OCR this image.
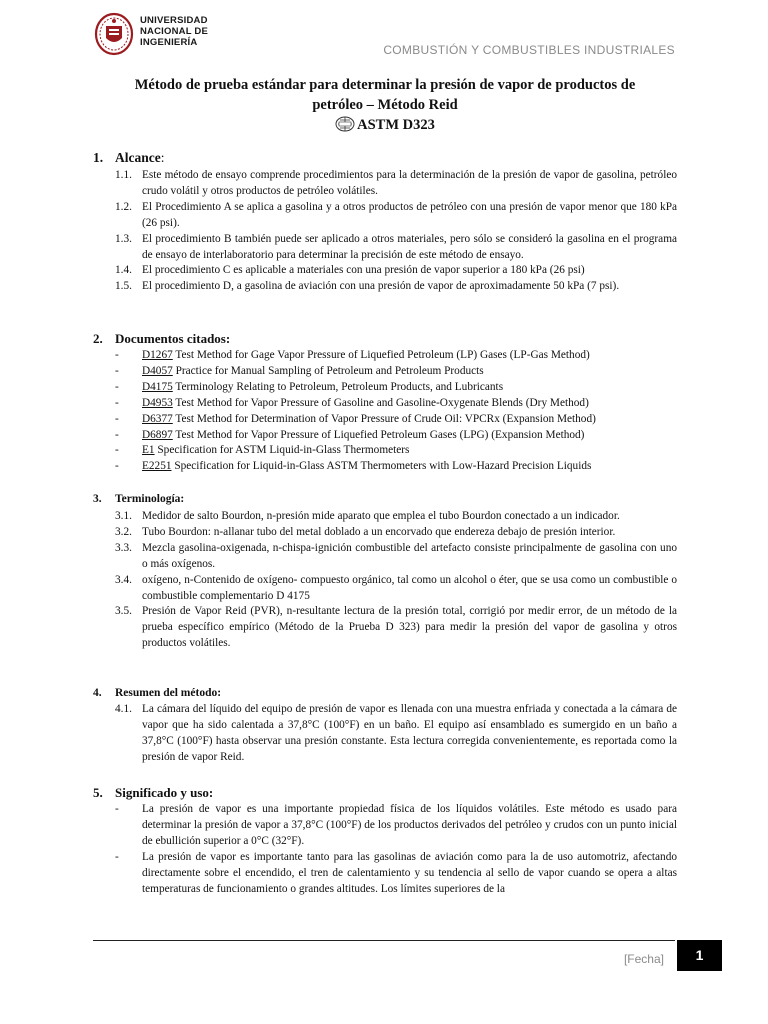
UNIVERSIDAD
NACIONAL DE
INGENIERÍA
COMBUSTIÓN Y COMBUSTIBLES INDUSTRIALES
Método de prueba estándar para determinar la presión de vapor de productos de
petróleo – Método Reid
ASTM D323
1. Alcance:
1.1. Este método de ensayo comprende procedimientos para la determinación de la presión de vapor de gasolina, petróleo crudo volátil y otros productos de petróleo volátiles.
1.2. El Procedimiento A se aplica a gasolina y a otros productos de petróleo con una presión de vapor menor que 180 kPa (26 psi).
1.3. El procedimiento B también puede ser aplicado a otros materiales, pero sólo se consideró la gasolina en el programa de ensayo de interlaboratorio para determinar la precisión de este método de ensayo.
1.4. El procedimiento C es aplicable a materiales con una presión de vapor superior a 180 kPa (26 psi)
1.5. El procedimiento D, a gasolina de aviación con una presión de vapor de aproximadamente 50 kPa (7 psi).
2. Documentos citados:
- D1267 Test Method for Gage Vapor Pressure of Liquefied Petroleum (LP) Gases (LP-Gas Method)
- D4057 Practice for Manual Sampling of Petroleum and Petroleum Products
- D4175 Terminology Relating to Petroleum, Petroleum Products, and Lubricants
- D4953 Test Method for Vapor Pressure of Gasoline and Gasoline-Oxygenate Blends (Dry Method)
- D6377 Test Method for Determination of Vapor Pressure of Crude Oil: VPCRx (Expansion Method)
- D6897 Test Method for Vapor Pressure of Liquefied Petroleum Gases (LPG) (Expansion Method)
- E1 Specification for ASTM Liquid-in-Glass Thermometers
- E2251 Specification for Liquid-in-Glass ASTM Thermometers with Low-Hazard Precision Liquids
3. Terminología:
3.1. Medidor de salto Bourdon, n-presión mide aparato que emplea el tubo Bourdon conectado a un indicador.
3.2. Tubo Bourdon: n-allanar tubo del metal doblado a un encorvado que endereza debajo de presión interior.
3.3. Mezcla gasolina-oxigenada, n-chispa-ignición combustible del artefacto consiste principalmente de gasolina con uno o más oxígenos.
3.4. oxígeno, n-Contenido de oxígeno- compuesto orgánico, tal como un alcohol o éter, que se usa como un combustible o combustible complementario D 4175
3.5. Presión de Vapor Reid (PVR), n-resultante lectura de la presión total, corrigió por medir error, de un método de la prueba específico empírico (Método de la Prueba D 323) para medir la presión del vapor de gasolina y otros productos volátiles.
4. Resumen del método:
4.1. La cámara del líquido del equipo de presión de vapor es llenada con una muestra enfriada y conectada a la cámara de vapor que ha sido calentada a 37,8°C (100°F) en un baño. El equipo así ensamblado es sumergido en un baño a 37,8°C (100°F) hasta observar una presión constante. Esta lectura corregida convenientemente, es reportada como la presión de vapor Reid.
5. Significado y uso:
- La presión de vapor es una importante propiedad física de los líquidos volátiles. Este método es usado para determinar la presión de vapor a 37,8°C (100°F) de los productos derivados del petróleo y crudos con un punto inicial de ebullición superior a 0°C (32°F).
- La presión de vapor es importante tanto para las gasolinas de aviación como para la de uso automotriz, afectando directamente sobre el encendido, el tren de calentamiento y su tendencia al sello de vapor cuando se opera a altas temperaturas de funcionamiento o grandes altitudes. Los límites superiores de la
[Fecha]	1
